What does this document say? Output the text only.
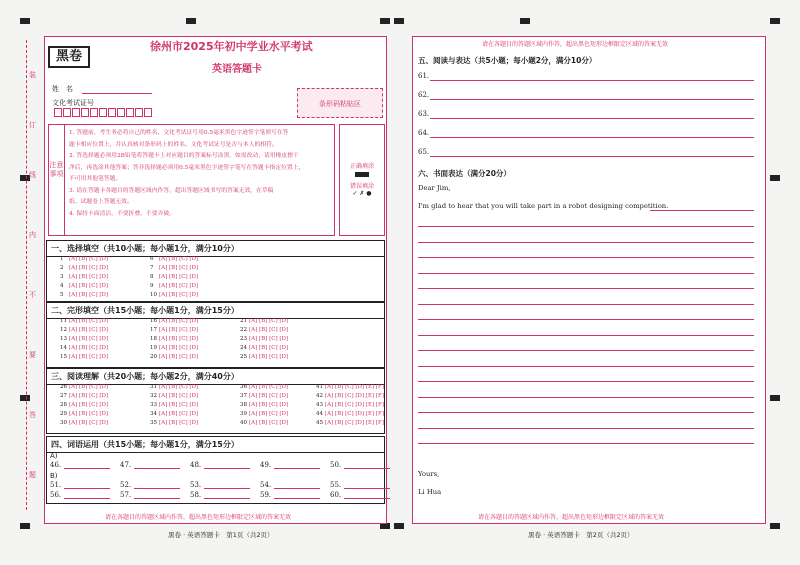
装
订
线
内
不
要
答
题
黑卷
徐州市2025年初中学业水平考试
英语答题卡
姓　名
文化考试证号	条形码粘贴区
注意事项
1. 答题前，考生务必将自己的姓名、文化考试证号用0.5毫米黑色字迹签字笔填写在答
题卡相应位置上，并认真核对条形码上的姓名、文化考试证号是否与本人的相符。
2. 答选择题必须用2B铅笔将答题卡上对应题目的答案标号涂黑，如需改动，请用橡皮擦干
净后，再选涂其他答案；答非选择题必须用0.5毫米黑色字迹签字笔写在答题卡指定位置上，
不可用其他笔答题。
3. 请在答题卡各题目的答题区域内作答，超出答题区域书写的答案无效，在草稿
纸、试题卷上答题无效。
4. 保持卡面清洁，不要折叠，不要弄破。
正确填涂
错误填涂
✓ ✗ ●
一、选择填空（共10小题；每小题1分，满分10分）
1 [A] [B] [C] [D]
2 [A] [B] [C] [D]
3 [A] [B] [C] [D]
4 [A] [B] [C] [D]
5 [A] [B] [C] [D]
6 [A] [B] [C] [D]
7 [A] [B] [C] [D]
8 [A] [B] [C] [D]
9 [A] [B] [C] [D]
10 [A] [B] [C] [D]
二、完形填空（共15小题；每小题1分，满分15分）
11 [A] [B] [C] [D]
12 [A] [B] [C] [D]
13 [A] [B] [C] [D]
14 [A] [B] [C] [D]
15 [A] [B] [C] [D]
16 [A] [B] [C] [D]
17 [A] [B] [C] [D]
18 [A] [B] [C] [D]
19 [A] [B] [C] [D]
20 [A] [B] [C] [D]
21 [A] [B] [C] [D]
22 [A] [B] [C] [D]
23 [A] [B] [C] [D]
24 [A] [B] [C] [D]
25 [A] [B] [C] [D]
三、阅读理解（共20小题；每小题2分，满分40分）
26 [A] [B] [C] [D]
27 [A] [B] [C] [D]
28 [A] [B] [C] [D]
29 [A] [B] [C] [D]
30 [A] [B] [C] [D]
31 [A] [B] [C] [D]
32 [A] [B] [C] [D]
33 [A] [B] [C] [D]
34 [A] [B] [C] [D]
35 [A] [B] [C] [D]
36 [A] [B] [C] [D]
37 [A] [B] [C] [D]
38 [A] [B] [C] [D]
39 [A] [B] [C] [D]
40 [A] [B] [C] [D]
41 [A] [B] [C] [D] [E] [F]
42 [A] [B] [C] [D] [E] [F]
43 [A] [B] [C] [D] [E] [F]
44 [A] [B] [C] [D] [E] [F]
45 [A] [B] [C] [D] [E] [F]
四、词语运用（共15小题；每小题1分，满分15分）
A)
46.	47.	48.	49.	50.
B)
51.	52.	53.	54.	55.
56.	57.	58.	59.	60.
请在各题目的答题区域内作答，超出黑色矩形边框限定区域的答案无效
黑卷 · 英语答题卡　第1页（共2页）
请在各题目的答题区域内作答，超出黑色矩形边框限定区域的答案无效
五、阅读与表达（共5小题；每小题2分，满分10分）
61.
62.
63.
64.
65.
六、书面表达（满分20分）
Dear Jim,
I'm glad to hear that you will take part in a robot designing competition.
Yours,
Li Hua
请在各题目的答题区域内作答，超出黑色矩形边框限定区域的答案无效
黑卷 · 英语答题卡　第2页（共2页）
